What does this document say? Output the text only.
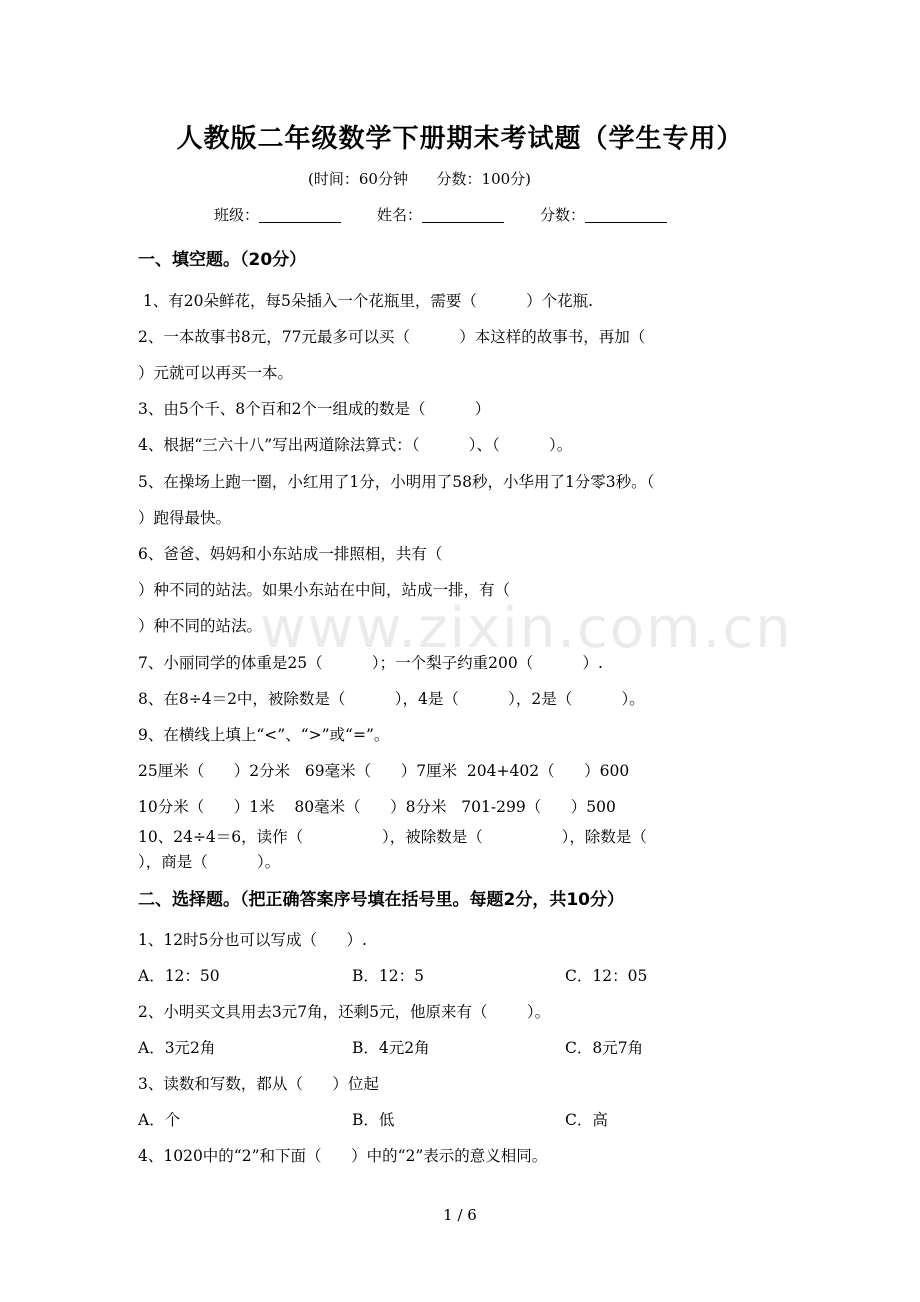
人教版二年级数学下册期末考试题（学生专用）
(时间：60分钟      分数：100分)
班级：	姓名：	分数：
一、填空题。（20分）
1、有20朵鲜花，每5朵插入一个花瓶里，需要（          ）个花瓶.
2、一本故事书8元，77元最多可以买（          ）本这样的故事书，再加（
）元就可以再买一本。
3、由5个千、8个百和2个一组成的数是（          ）
4、根据“三六十八”写出两道除法算式：（          ）、（          ）。
5、在操场上跑一圈，小红用了1分，小明用了58秒，小华用了1分零3秒。（
）跑得最快。
6、爸爸、妈妈和小东站成一排照相，共有（
）种不同的站法。如果小东站在中间，站成一排，有（
）种不同的站法。
7、小丽同学的体重是25（          ）；一个梨子约重200（          ）.
8、在8÷4＝2中，被除数是（          ），4是（          ），2是（          ）。
9、在横线上填上“<”、“>”或“=”。
25厘米（      ）2分米   69毫米（      ）7厘米  204+402（      ）600
10分米（      ）1米    80毫米（      ）8分米   701-299（      ）500
10、24÷4＝6，读作（                ），被除数是（                ），除数是（
），商是（          ）。
二、选择题。（把正确答案序号填在括号里。每题2分，共10分）
1、12时5分也可以写成（      ）.
A．12：50	B．12：5	C．12：05
2、小明买文具用去3元7角，还剩5元，他原来有（        ）。
A．3元2角	B．4元2角	C．8元7角
3、读数和写数，都从（      ）位起
A．个	B．低	C．高
4、1020中的“2”和下面（      ）中的“2”表示的意义相同。
www.zixin.com.cn
1 / 6
